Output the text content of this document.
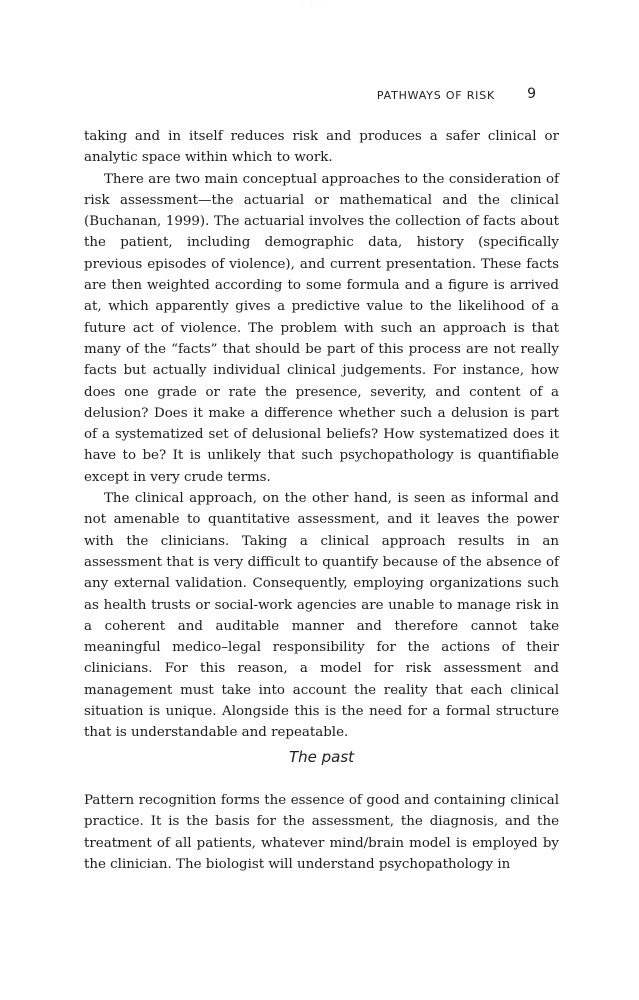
· ·· ·
PATHWAYS OF RISK 9

taking and in itself reduces risk and produces a safer clinical or analytic space within which to work.

There are two main conceptual approaches to the consideration of risk assessment—the actuarial or mathematical and the clinical (Buchanan, 1999). The actuarial involves the collection of facts about the patient, including demographic data, history (specifically previous episodes of violence), and current presentation. These facts are then weighted according to some formula and a figure is arrived at, which apparently gives a predictive value to the likelihood of a future act of violence. The problem with such an approach is that many of the “facts” that should be part of this process are not really facts but actually individual clinical judgements. For instance, how does one grade or rate the presence, severity, and content of a delusion? Does it make a difference whether such a delusion is part of a systematized set of delusional beliefs? How systematized does it have to be? It is unlikely that such psychopathology is quantifiable except in very crude terms.

The clinical approach, on the other hand, is seen as informal and not amenable to quantitative assessment, and it leaves the power with the clinicians. Taking a clinical approach results in an assessment that is very difficult to quantify because of the absence of any external validation. Consequently, employing organizations such as health trusts or social-work agencies are unable to manage risk in a coherent and auditable manner and therefore cannot take meaningful medico–legal responsibility for the actions of their clinicians. For this reason, a model for risk assessment and management must take into account the reality that each clinical situation is unique. Alongside this is the need for a formal structure that is understandable and repeatable.

The past

Pattern recognition forms the essence of good and containing clinical practice. It is the basis for the assessment, the diagnosis, and the treatment of all patients, whatever mind/brain model is employed by the clinician. The biologist will understand psychopathology in
